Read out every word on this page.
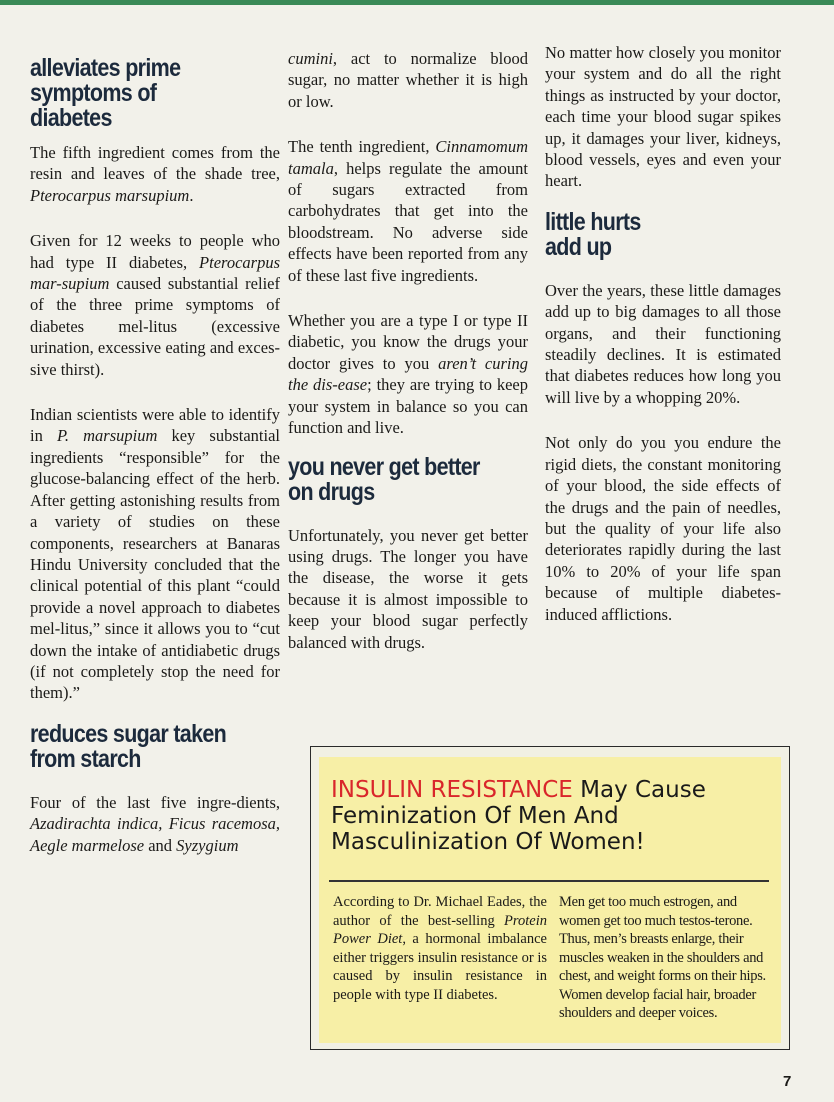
alleviates prime
symptoms of
diabetes

The fifth ingredient comes from the resin and leaves of the shade tree, Pterocarpus marsupium.

Given for 12 weeks to people who had type II diabetes, Pterocarpus mar-supium caused substantial relief of the three prime symptoms of diabetes mel-litus (excessive urination, excessive eating and exces-sive thirst).

Indian scientists were able to identify in P. marsupium key substantial ingredients “responsible” for the glucose-balancing effect of the herb. After getting astonishing results from a variety of studies on these components, researchers at Banaras Hindu University concluded that the clinical potential of this plant “could provide a novel approach to diabetes mel-litus,” since it allows you to “cut down the intake of antidiabetic drugs (if not completely stop the need for them).”

reduces sugar taken
from starch

Four of the last five ingre-dients, Azadirachta indica, Ficus racemosa, Aegle marmelose and Syzygium

cumini, act to normalize blood sugar, no matter whether it is high or low.

The tenth ingredient, Cinnamomum tamala, helps regulate the amount of sugars extracted from carbohydrates that get into the bloodstream. No adverse side effects have been reported from any of these last five ingredients.

Whether you are a type I or type II diabetic, you know the drugs your doctor gives to you aren’t curing the dis-ease; they are trying to keep your system in balance so you can function and live.

you never get better
on drugs

Unfortunately, you never get better using drugs. The longer you have the disease, the worse it gets because it is almost impossible to keep your blood sugar perfectly balanced with drugs.

No matter how closely you monitor your system and do all the right things as instructed by your doctor, each time your blood sugar spikes up, it damages your liver, kidneys, blood vessels, eyes and even your heart.

little hurts
add up

Over the years, these little damages add up to big damages to all those organs, and their functioning steadily declines. It is estimated that diabetes reduces how long you will live by a whopping 20%.

Not only do you you endure the rigid diets, the constant monitoring of your blood, the side effects of the drugs and the pain of needles, but the quality of your life also deteriorates rapidly during the last 10% to 20% of your life span because of multiple diabetes-induced afflictions.

INSULIN RESISTANCE May Cause
Feminization Of Men And
Masculinization Of Women!
According to Dr. Michael Eades, the author of the best-selling Protein Power Diet, a hormonal imbalance either triggers insulin resistance or is caused by insulin resistance in people with type II diabetes.
Men get too much estrogen, and women get too much testos-terone. Thus, men’s breasts enlarge, their muscles weaken in the shoulders and chest, and weight forms on their hips. Women develop facial hair, broader shoulders and deeper voices.
7
